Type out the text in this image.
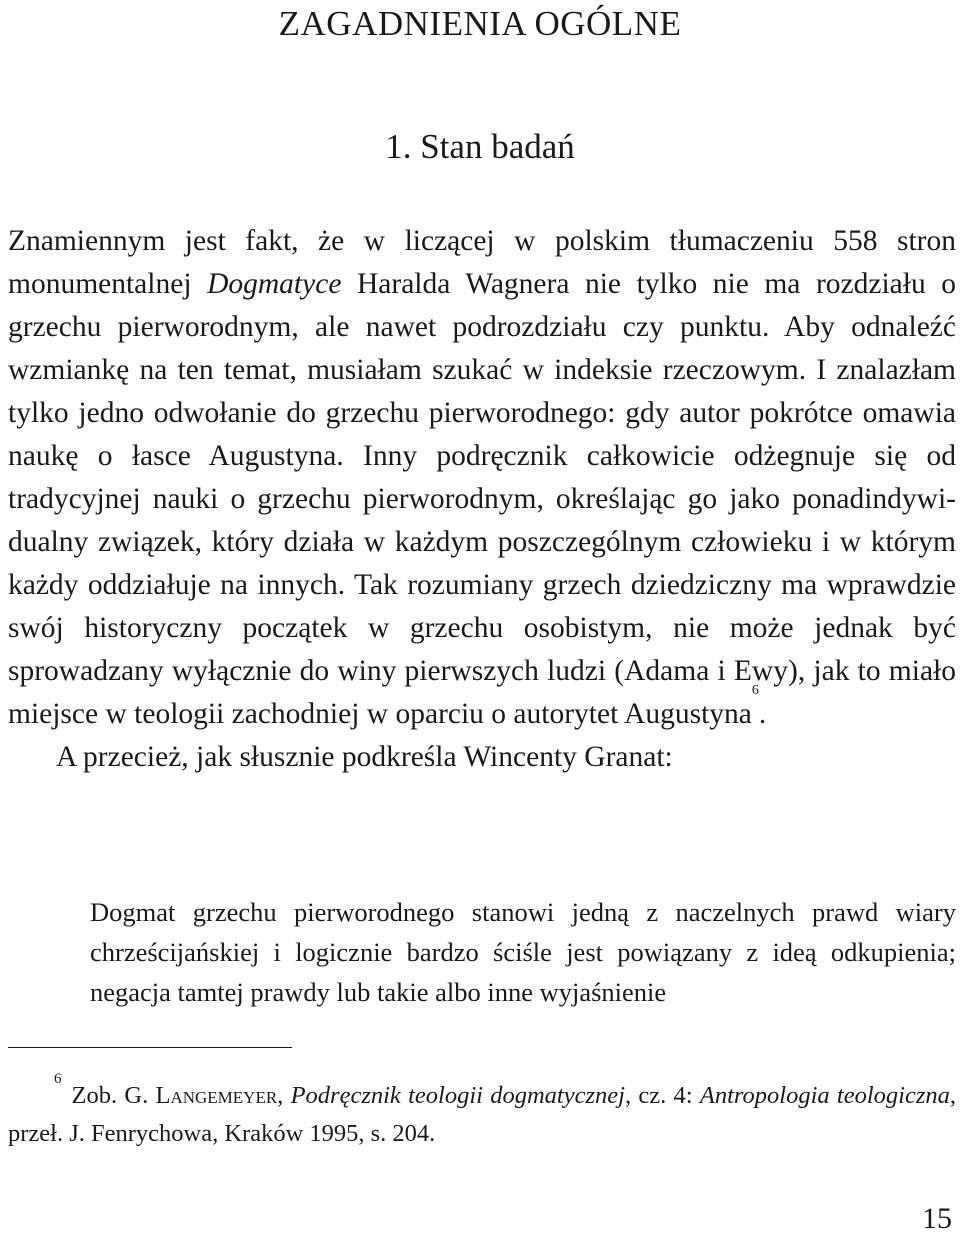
ZAGADNIENIA OGÓLNE
1. Stan badań

Znamiennym jest fakt, że w liczącej w polskim tłumaczeniu 558 stron monumentalnej Dogmatyce Haralda Wagnera nie tylko nie ma rozdziału o grzechu pierworodnym, ale nawet podrozdziału czy punktu. Aby odnaleźć wzmiankę na ten temat, musiałam szukać w indeksie rzeczowym. I znalazłam tylko jedno odwołanie do grzechu pierworodnego: gdy autor pokrótce omawia naukę o łasce Augustyna. Inny podręcznik całkowicie odżegnuje się od tradycyjnej nauki o grzechu pierworodnym, określając go jako ponadindywidualny związek, który działa w każdym poszczególnym człowieku i w którym każdy oddziałuje na innych. Tak rozumiany grzech dziedziczny ma wprawdzie swój historyczny początek w grzechu osobistym, nie może jednak być sprowadzany wyłącznie do winy pierwszych ludzi (Adama i Ewy), jak to miało miejsce w teologii zachodniej w oparciu o autorytet Augustyna$^6$.

A przecież, jak słusznie podkreśla Wincenty Granat:

Dogmat grzechu pierworodnego stanowi jedną z naczelnych prawd wiary chrześcijańskiej i logicznie bardzo ściśle jest powiązany z ideą odkupienia; negacja tamtej prawdy lub takie albo inne wyjaśnienie

$^6$Zob. G. Langemeyer, Podręcznik teologii dogmatycznej, cz. 4: Antropologia teologiczna, przeł. J. Fenrychowa, Kraków 1995, s. 204.

15
